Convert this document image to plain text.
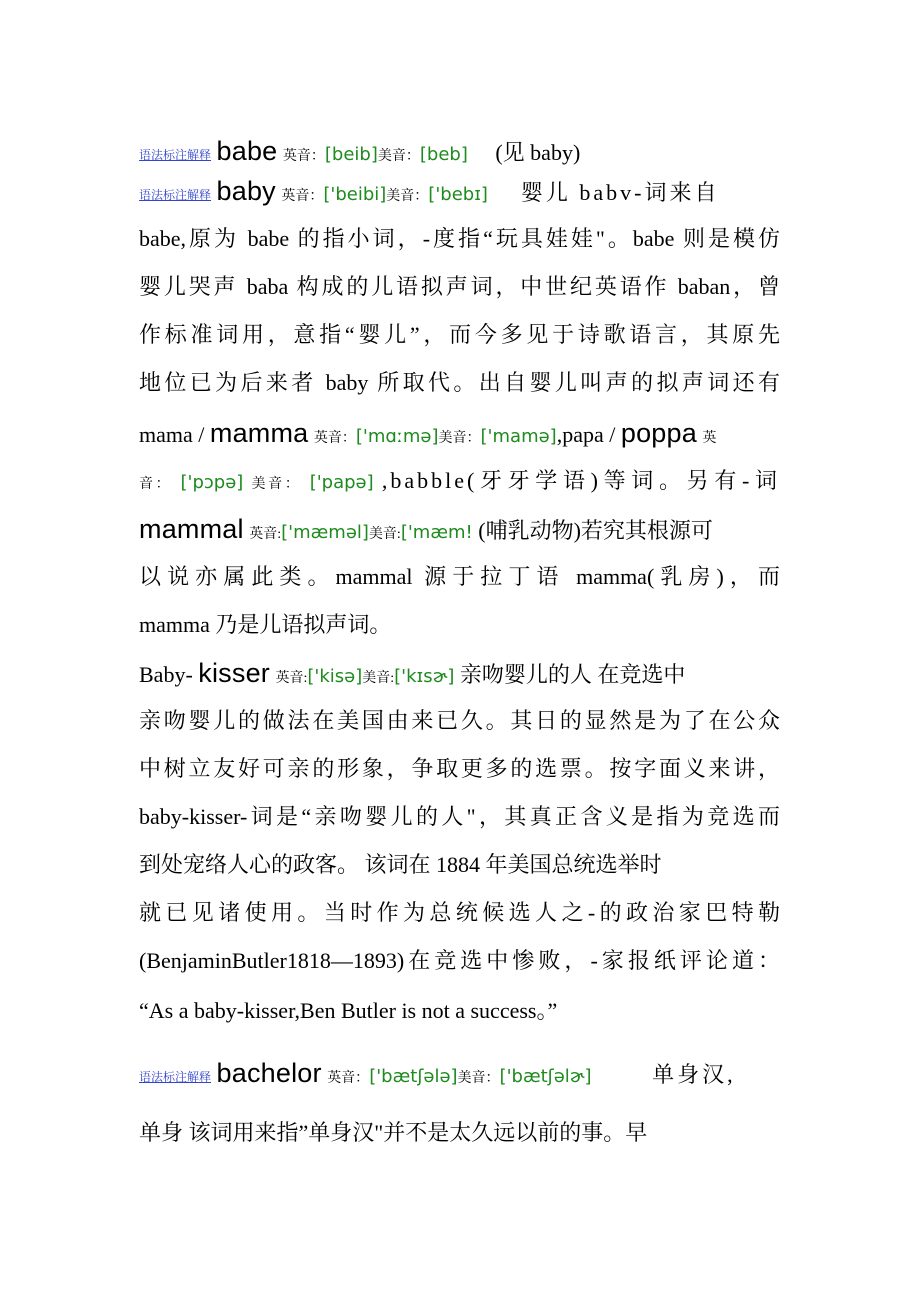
语法标注解释 babe 英音：[beib]美音：[beb] (见 baby)
语法标注解释 baby 英音：['beibi]美音：['bebɪ] 婴儿 babv-词来自
babe,原为 babe 的指小词，-度指“玩具娃娃"。babe 则是模仿
婴儿哭声 baba 构成的儿语拟声词，中世纪英语作 baban，曾
作标准词用，意指“婴儿”，而今多见于诗歌语言，其原先
地位已为后来者 baby 所取代。出自婴儿叫声的拟声词还有
mama / mamma 英音：['mɑːmə]美音：['mamə],papa / poppa 英
音： ['pɔpə] 美音： ['papə] ,babble(牙牙学语)等词。另有-词
mammal 英音:['mæməl]美音:['mæm! (哺乳动物)若究其根源可
以说亦属此类。mammal 源于拉丁语 mamma(乳房)，而
mamma 乃是儿语拟声词。
Baby- kisser 英音:['kisə]美音:['kɪsɚ] 亲吻婴儿的人 在竞选中
亲吻婴儿的做法在美国由来已久。其日的显然是为了在公众
中树立友好可亲的形象，争取更多的选票。按字面义来讲，
baby-kisser-词是“亲吻婴儿的人"，其真正含义是指为竞选而
到处宠络人心的政客。 该词在 1884 年美国总统选举时
就已见诸使用。当时作为总统候选人之-的政治家巴特勒
(BenjaminButler1818—1893)在竞选中惨败，-家报纸评论道：
“As a baby-kisser,Ben Butler is not a success。”
语法标注解释 bachelor 英音：['bætʃələ]美音：['bætʃəlɚ]	单身汉,
单身 该词用来指”单身汉"并不是太久远以前的事。早
